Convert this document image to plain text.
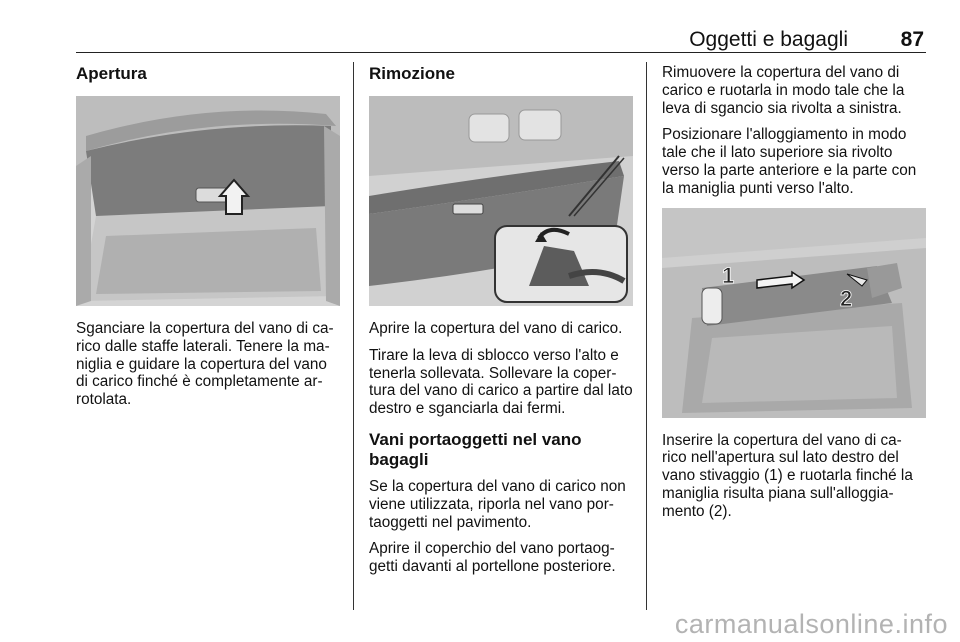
Oggetti e bagagli	87
Apertura

Sganciare la copertura del vano di ca-rico dalle staffe laterali. Tenere la ma-niglia e guidare la copertura del vano di carico finché è completamente ar-rotolata.

Rimozione

Aprire la copertura del vano di carico.

Tirare la leva di sblocco verso l'alto e tenerla sollevata. Sollevare la coper-tura del vano di carico a partire dal lato destro e sganciarla dai fermi.

Vani portaoggetti nel vano bagagli

Se la copertura del vano di carico non viene utilizzata, riporla nel vano por-taoggetti nel pavimento.

Aprire il coperchio del vano portaog-getti davanti al portellone posteriore.

Rimuovere la copertura del vano di carico e ruotarla in modo tale che la leva di sgancio sia rivolta a sinistra.

Posizionare l'alloggiamento in modo tale che il lato superiore sia rivolto verso la parte anteriore e la parte con la maniglia punti verso l'alto.

1
2

Inserire la copertura del vano di ca-rico nell'apertura sul lato destro del vano stivaggio (1) e ruotarla finché la maniglia risulta piana sull'alloggia-mento (2).

carmanualsonline.info
